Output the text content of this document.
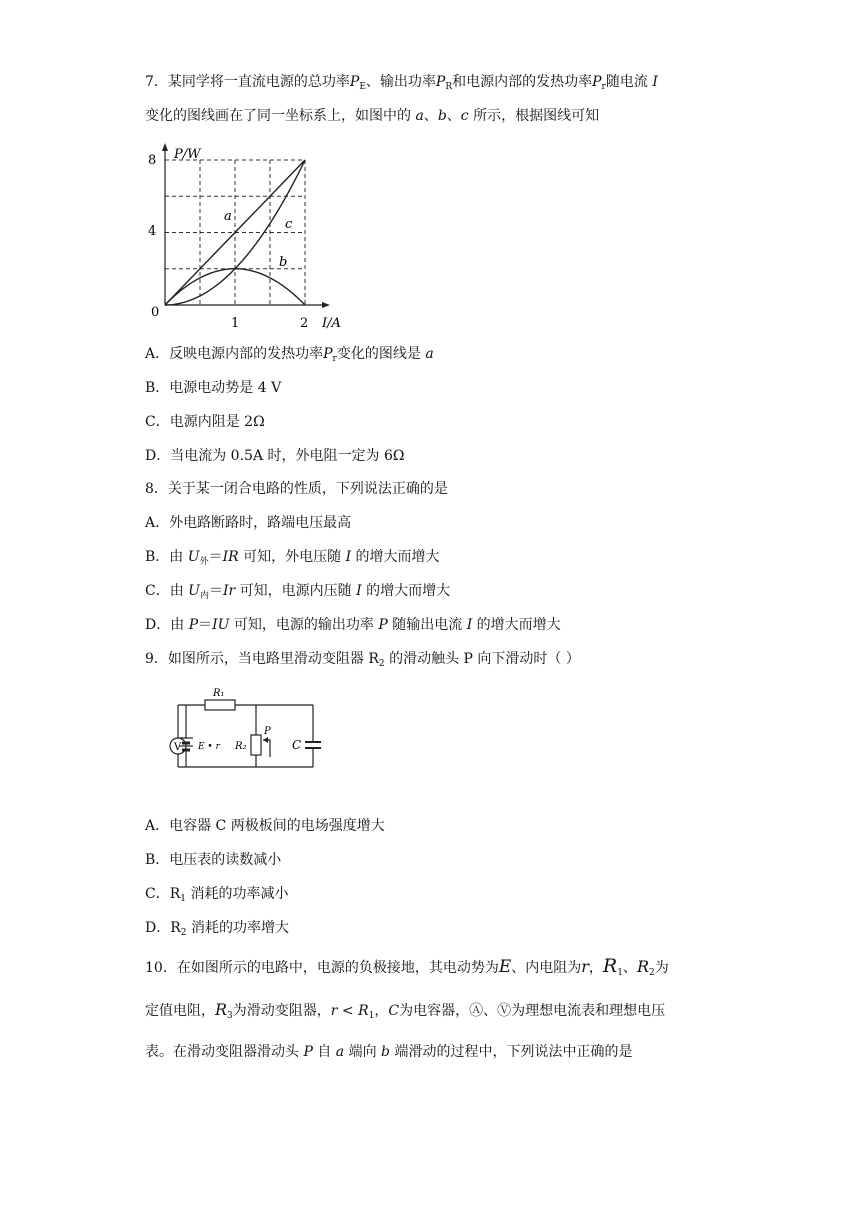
7．某同学将一直流电源的总功率$P_E$、输出功率$P_R$和电源内部的发热功率$P_r$随电流 I
变化的图线画在了同一坐标系上，如图中的 a、b、c 所示，根据图线可知
P/W
I/A
0
8
4
1	2
a
c
b
A．反映电源内部的发热功率$P_r$变化的图线是 a
B．电源电动势是 4 V
C．电源内阻是 2Ω
D．当电流为 0.5A 时，外电阻一定为 6Ω
8．关于某一闭合电路的性质，下列说法正确的是
A．外电路断路时，路端电压最高
B．由 $U_外=IR$ 可知，外电压随 I 的增大而增大
C．由 $U_内=Ir$ 可知，电源内压随 I 的增大而增大
D．由 P＝IU 可知，电源的输出功率 P 随输出电流 I 的增大而增大
9．如图所示，当电路里滑动变阻器 $R_2$ 的滑动触头 P 向下滑动时（ ）
V
R₁
E • r R₂
P
C
A．电容器 C 两极板间的电场强度增大
B．电压表的读数减小
C．$R_1$ 消耗的功率减小
D．$R_2$ 消耗的功率增大
10．在如图所示的电路中，电源的负极接地，其电动势为E、内电阻为r，$R_1$、$R_2$为
定值电阻，$R_3$为滑动变阻器，$r < R_1$，C为电容器，Ⓐ、Ⓥ为理想电流表和理想电压
表。在滑动变阻器滑动头 P 自 a 端向 b 端滑动的过程中，下列说法中正确的是
